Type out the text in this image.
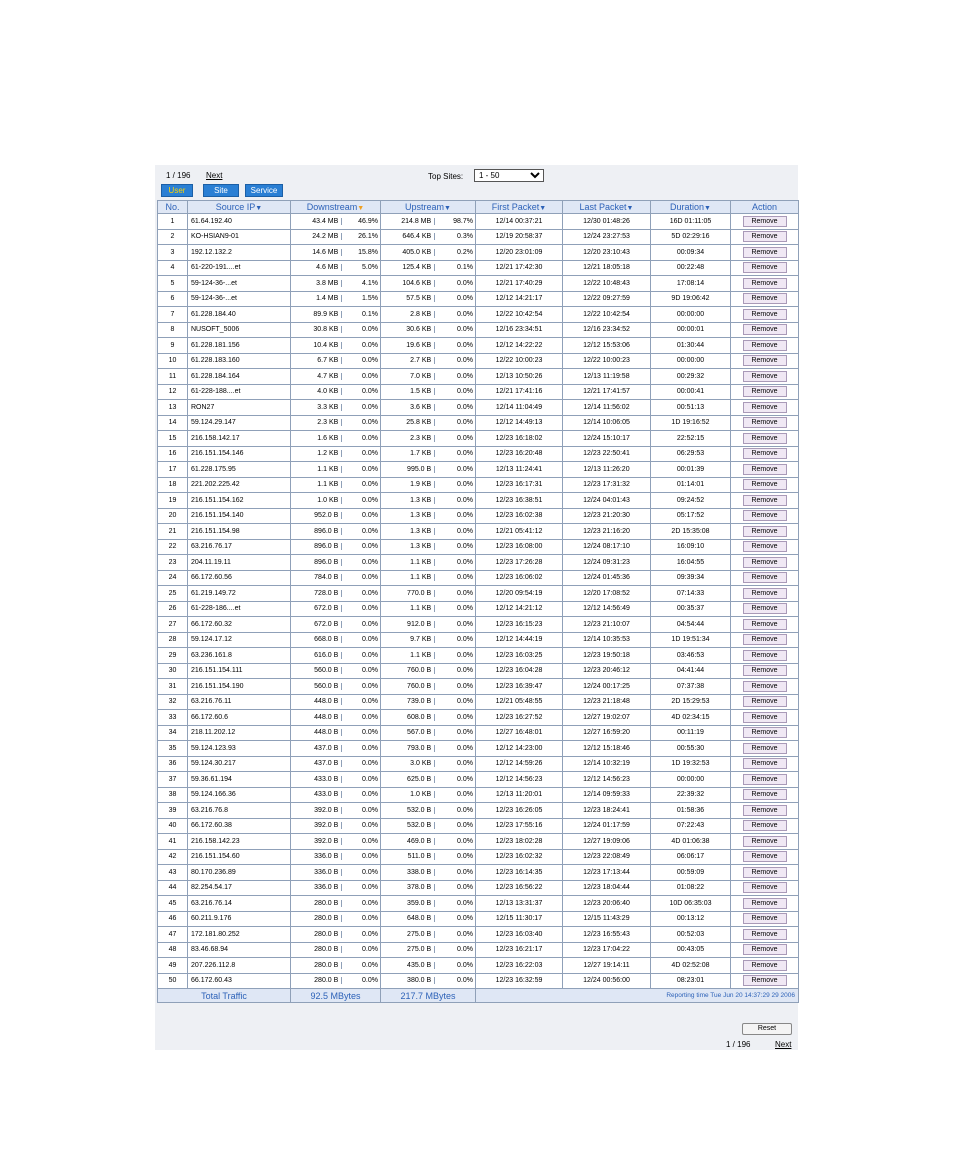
1 / 196 Next	Top Sites:
1 - 50
User	Site	Service
No.	Source IP▼	Downstream▼	Upstream▼	First Packet▼	Last Packet▼	Duration▼	Action
1	61.64.192.40	43.4 MB 46.9%	214.8 MB 98.7%	12/14 00:37:21	12/30 01:48:26	16D 01:11:05	Remove
2	KO-HSIAN9-01	24.2 MB 26.1%	646.4 KB 0.3%	12/19 20:58:37	12/24 23:27:53	5D 02:29:16	Remove
3	192.12.132.2	14.6 MB 15.8%	405.0 KB 0.2%	12/20 23:01:09	12/20 23:10:43	00:09:34	Remove
4	61-220-191....et	4.6 MB 5.0%	125.4 KB 0.1%	12/21 17:42:30	12/21 18:05:18	00:22:48	Remove
5	59-124-36-...et	3.8 MB 4.1%	104.6 KB 0.0%	12/21 17:40:29	12/22 10:48:43	17:08:14	Remove
6	59-124-36-...et	1.4 MB 1.5%	57.5 KB 0.0%	12/12 14:21:17	12/22 09:27:59	9D 19:06:42	Remove
7	61.228.184.40	89.9 KB 0.1%	2.8 KB 0.0%	12/22 10:42:54	12/22 10:42:54	00:00:00	Remove
8	NUSOFT_5006	30.8 KB 0.0%	30.6 KB 0.0%	12/16 23:34:51	12/16 23:34:52	00:00:01	Remove
9	61.228.181.156	10.4 KB 0.0%	19.6 KB 0.0%	12/12 14:22:22	12/12 15:53:06	01:30:44	Remove
10	61.228.183.160	6.7 KB 0.0%	2.7 KB 0.0%	12/22 10:00:23	12/22 10:00:23	00:00:00	Remove
11	61.228.184.164	4.7 KB 0.0%	7.0 KB 0.0%	12/13 10:50:26	12/13 11:19:58	00:29:32	Remove
12	61-228-188....et	4.0 KB 0.0%	1.5 KB 0.0%	12/21 17:41:16	12/21 17:41:57	00:00:41	Remove
13	RON27	3.3 KB 0.0%	3.6 KB 0.0%	12/14 11:04:49	12/14 11:56:02	00:51:13	Remove
14	59.124.29.147	2.3 KB 0.0%	25.8 KB 0.0%	12/12 14:49:13	12/14 10:06:05	1D 19:16:52	Remove
15	216.158.142.17	1.6 KB 0.0%	2.3 KB 0.0%	12/23 16:18:02	12/24 15:10:17	22:52:15	Remove
16	216.151.154.146	1.2 KB 0.0%	1.7 KB 0.0%	12/23 16:20:48	12/23 22:50:41	06:29:53	Remove
17	61.228.175.95	1.1 KB 0.0%	995.0 B 0.0%	12/13 11:24:41	12/13 11:26:20	00:01:39	Remove
18	221.202.225.42	1.1 KB 0.0%	1.9 KB 0.0%	12/23 16:17:31	12/23 17:31:32	01:14:01	Remove
19	216.151.154.162	1.0 KB 0.0%	1.3 KB 0.0%	12/23 16:38:51	12/24 04:01:43	09:24:52	Remove
20	216.151.154.140	952.0 B 0.0%	1.3 KB 0.0%	12/23 16:02:38	12/23 21:20:30	05:17:52	Remove
21	216.151.154.98	896.0 B 0.0%	1.3 KB 0.0%	12/21 05:41:12	12/23 21:16:20	2D 15:35:08	Remove
22	63.216.76.17	896.0 B 0.0%	1.3 KB 0.0%	12/23 16:08:00	12/24 08:17:10	16:09:10	Remove
23	204.11.19.11	896.0 B 0.0%	1.1 KB 0.0%	12/23 17:26:28	12/24 09:31:23	16:04:55	Remove
24	66.172.60.56	784.0 B 0.0%	1.1 KB 0.0%	12/23 16:06:02	12/24 01:45:36	09:39:34	Remove
25	61.219.149.72	728.0 B 0.0%	770.0 B 0.0%	12/20 09:54:19	12/20 17:08:52	07:14:33	Remove
26	61-228-186....et	672.0 B 0.0%	1.1 KB 0.0%	12/12 14:21:12	12/12 14:56:49	00:35:37	Remove
27	66.172.60.32	672.0 B 0.0%	912.0 B 0.0%	12/23 16:15:23	12/23 21:10:07	04:54:44	Remove
28	59.124.17.12	668.0 B 0.0%	9.7 KB 0.0%	12/12 14:44:19	12/14 10:35:53	1D 19:51:34	Remove
29	63.236.161.8	616.0 B 0.0%	1.1 KB 0.0%	12/23 16:03:25	12/23 19:50:18	03:46:53	Remove
30	216.151.154.111	560.0 B 0.0%	760.0 B 0.0%	12/23 16:04:28	12/23 20:46:12	04:41:44	Remove
31	216.151.154.190	560.0 B 0.0%	760.0 B 0.0%	12/23 16:39:47	12/24 00:17:25	07:37:38	Remove
32	63.216.76.11	448.0 B 0.0%	739.0 B 0.0%	12/21 05:48:55	12/23 21:18:48	2D 15:29:53	Remove
33	66.172.60.6	448.0 B 0.0%	608.0 B 0.0%	12/23 16:27:52	12/27 19:02:07	4D 02:34:15	Remove
34	218.11.202.12	448.0 B 0.0%	567.0 B 0.0%	12/27 16:48:01	12/27 16:59:20	00:11:19	Remove
35	59.124.123.93	437.0 B 0.0%	793.0 B 0.0%	12/12 14:23:00	12/12 15:18:46	00:55:30	Remove
36	59.124.30.217	437.0 B 0.0%	3.0 KB 0.0%	12/12 14:59:26	12/14 10:32:19	1D 19:32:53	Remove
37	59.36.61.194	433.0 B 0.0%	625.0 B 0.0%	12/12 14:56:23	12/12 14:56:23	00:00:00	Remove
38	59.124.166.36	433.0 B 0.0%	1.0 KB 0.0%	12/13 11:20:01	12/14 09:59:33	22:39:32	Remove
39	63.216.76.8	392.0 B 0.0%	532.0 B 0.0%	12/23 16:26:05	12/23 18:24:41	01:58:36	Remove
40	66.172.60.38	392.0 B 0.0%	532.0 B 0.0%	12/23 17:55:16	12/24 01:17:59	07:22:43	Remove
41	216.158.142.23	392.0 B 0.0%	469.0 B 0.0%	12/23 18:02:28	12/27 19:09:06	4D 01:06:38	Remove
42	216.151.154.60	336.0 B 0.0%	511.0 B 0.0%	12/23 16:02:32	12/23 22:08:49	06:06:17	Remove
43	80.170.236.89	336.0 B 0.0%	338.0 B 0.0%	12/23 16:14:35	12/23 17:13:44	00:59:09	Remove
44	82.254.54.17	336.0 B 0.0%	378.0 B 0.0%	12/23 16:56:22	12/23 18:04:44	01:08:22	Remove
45	63.216.76.14	280.0 B 0.0%	359.0 B 0.0%	12/13 13:31:37	12/23 20:06:40	10D 06:35:03	Remove
46	60.211.9.176	280.0 B 0.0%	648.0 B 0.0%	12/15 11:30:17	12/15 11:43:29	00:13:12	Remove
47	172.181.80.252	280.0 B 0.0%	275.0 B 0.0%	12/23 16:03:40	12/23 16:55:43	00:52:03	Remove
48	83.46.68.94	280.0 B 0.0%	275.0 B 0.0%	12/23 16:21:17	12/23 17:04:22	00:43:05	Remove
49	207.226.112.8	280.0 B 0.0%	435.0 B 0.0%	12/23 16:22:03	12/27 19:14:11	4D 02:52:08	Remove
50	66.172.60.43	280.0 B 0.0%	380.0 B 0.0%	12/23 16:32:59	12/24 00:56:00	08:23:01	Remove
Total Traffic		92.5 MBytes	217.7 MBytes	Reporting time Tue Jun 20 14:37:29 29 2006			
Reset
1 / 196	Next
